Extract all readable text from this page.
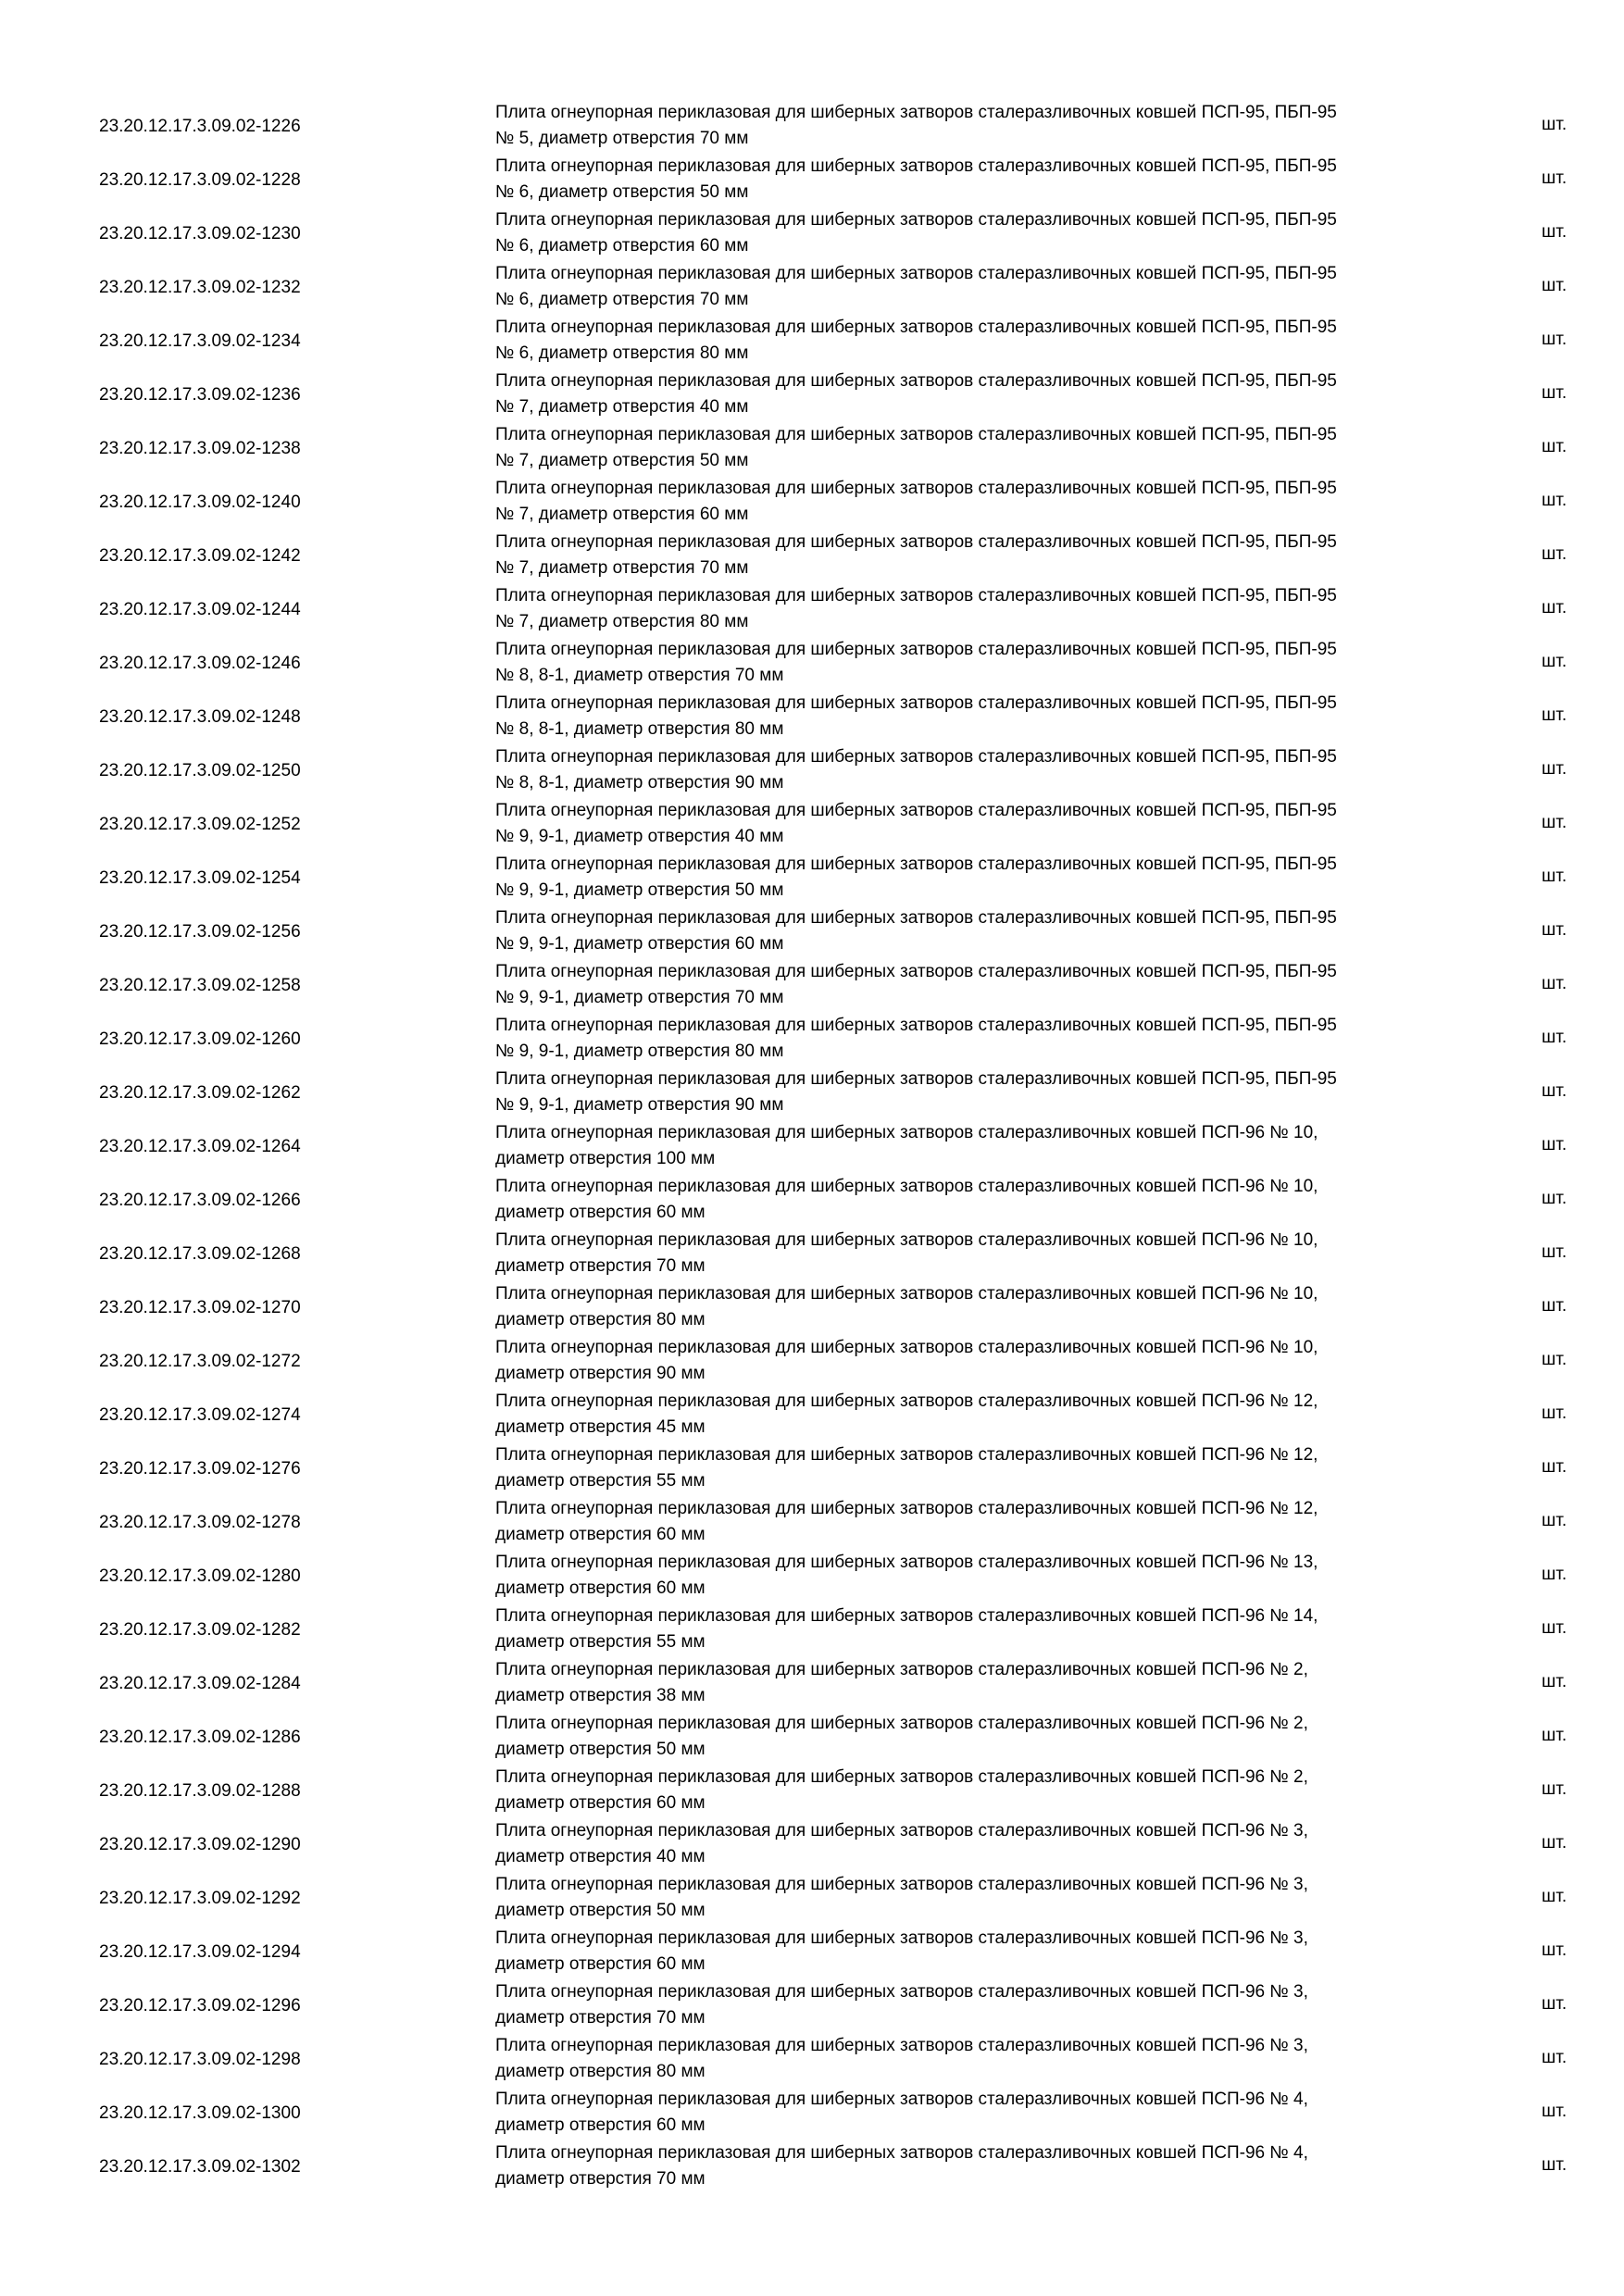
23.20.12.17.3.09.02-1226
Плита огнеупорная периклазовая для шиберных затворов сталеразливочных ковшей ПСП-95, ПБП-95
№ 5, диаметр отверстия 70 мм
шт.
23.20.12.17.3.09.02-1228
Плита огнеупорная периклазовая для шиберных затворов сталеразливочных ковшей ПСП-95, ПБП-95
№ 6, диаметр отверстия 50 мм
шт.
23.20.12.17.3.09.02-1230
Плита огнеупорная периклазовая для шиберных затворов сталеразливочных ковшей ПСП-95, ПБП-95
№ 6, диаметр отверстия 60 мм
шт.
23.20.12.17.3.09.02-1232
Плита огнеупорная периклазовая для шиберных затворов сталеразливочных ковшей ПСП-95, ПБП-95
№ 6, диаметр отверстия 70 мм
шт.
23.20.12.17.3.09.02-1234
Плита огнеупорная периклазовая для шиберных затворов сталеразливочных ковшей ПСП-95, ПБП-95
№ 6, диаметр отверстия 80 мм
шт.
23.20.12.17.3.09.02-1236
Плита огнеупорная периклазовая для шиберных затворов сталеразливочных ковшей ПСП-95, ПБП-95
№ 7, диаметр отверстия 40 мм
шт.
23.20.12.17.3.09.02-1238
Плита огнеупорная периклазовая для шиберных затворов сталеразливочных ковшей ПСП-95, ПБП-95
№ 7, диаметр отверстия 50 мм
шт.
23.20.12.17.3.09.02-1240
Плита огнеупорная периклазовая для шиберных затворов сталеразливочных ковшей ПСП-95, ПБП-95
№ 7, диаметр отверстия 60 мм
шт.
23.20.12.17.3.09.02-1242
Плита огнеупорная периклазовая для шиберных затворов сталеразливочных ковшей ПСП-95, ПБП-95
№ 7, диаметр отверстия 70 мм
шт.
23.20.12.17.3.09.02-1244
Плита огнеупорная периклазовая для шиберных затворов сталеразливочных ковшей ПСП-95, ПБП-95
№ 7, диаметр отверстия 80 мм
шт.
23.20.12.17.3.09.02-1246
Плита огнеупорная периклазовая для шиберных затворов сталеразливочных ковшей ПСП-95, ПБП-95
№ 8, 8-1, диаметр отверстия 70 мм
шт.
23.20.12.17.3.09.02-1248
Плита огнеупорная периклазовая для шиберных затворов сталеразливочных ковшей ПСП-95, ПБП-95
№ 8, 8-1, диаметр отверстия 80 мм
шт.
23.20.12.17.3.09.02-1250
Плита огнеупорная периклазовая для шиберных затворов сталеразливочных ковшей ПСП-95, ПБП-95
№ 8, 8-1, диаметр отверстия 90 мм
шт.
23.20.12.17.3.09.02-1252
Плита огнеупорная периклазовая для шиберных затворов сталеразливочных ковшей ПСП-95, ПБП-95
№ 9, 9-1, диаметр отверстия 40 мм
шт.
23.20.12.17.3.09.02-1254
Плита огнеупорная периклазовая для шиберных затворов сталеразливочных ковшей ПСП-95, ПБП-95
№ 9, 9-1, диаметр отверстия 50 мм
шт.
23.20.12.17.3.09.02-1256
Плита огнеупорная периклазовая для шиберных затворов сталеразливочных ковшей ПСП-95, ПБП-95
№ 9, 9-1, диаметр отверстия 60 мм
шт.
23.20.12.17.3.09.02-1258
Плита огнеупорная периклазовая для шиберных затворов сталеразливочных ковшей ПСП-95, ПБП-95
№ 9, 9-1, диаметр отверстия 70 мм
шт.
23.20.12.17.3.09.02-1260
Плита огнеупорная периклазовая для шиберных затворов сталеразливочных ковшей ПСП-95, ПБП-95
№ 9, 9-1, диаметр отверстия 80 мм
шт.
23.20.12.17.3.09.02-1262
Плита огнеупорная периклазовая для шиберных затворов сталеразливочных ковшей ПСП-95, ПБП-95
№ 9, 9-1, диаметр отверстия 90 мм
шт.
23.20.12.17.3.09.02-1264
Плита огнеупорная периклазовая для шиберных затворов сталеразливочных ковшей ПСП-96 № 10,
диаметр отверстия 100 мм
шт.
23.20.12.17.3.09.02-1266
Плита огнеупорная периклазовая для шиберных затворов сталеразливочных ковшей ПСП-96 № 10,
диаметр отверстия 60 мм
шт.
23.20.12.17.3.09.02-1268
Плита огнеупорная периклазовая для шиберных затворов сталеразливочных ковшей ПСП-96 № 10,
диаметр отверстия 70 мм
шт.
23.20.12.17.3.09.02-1270
Плита огнеупорная периклазовая для шиберных затворов сталеразливочных ковшей ПСП-96 № 10,
диаметр отверстия 80 мм
шт.
23.20.12.17.3.09.02-1272
Плита огнеупорная периклазовая для шиберных затворов сталеразливочных ковшей ПСП-96 № 10,
диаметр отверстия 90 мм
шт.
23.20.12.17.3.09.02-1274
Плита огнеупорная периклазовая для шиберных затворов сталеразливочных ковшей ПСП-96 № 12,
диаметр отверстия 45 мм
шт.
23.20.12.17.3.09.02-1276
Плита огнеупорная периклазовая для шиберных затворов сталеразливочных ковшей ПСП-96 № 12,
диаметр отверстия 55 мм
шт.
23.20.12.17.3.09.02-1278
Плита огнеупорная периклазовая для шиберных затворов сталеразливочных ковшей ПСП-96 № 12,
диаметр отверстия 60 мм
шт.
23.20.12.17.3.09.02-1280
Плита огнеупорная периклазовая для шиберных затворов сталеразливочных ковшей ПСП-96 № 13,
диаметр отверстия 60 мм
шт.
23.20.12.17.3.09.02-1282
Плита огнеупорная периклазовая для шиберных затворов сталеразливочных ковшей ПСП-96 № 14,
диаметр отверстия 55 мм
шт.
23.20.12.17.3.09.02-1284
Плита огнеупорная периклазовая для шиберных затворов сталеразливочных ковшей ПСП-96 № 2,
диаметр отверстия 38 мм
шт.
23.20.12.17.3.09.02-1286
Плита огнеупорная периклазовая для шиберных затворов сталеразливочных ковшей ПСП-96 № 2,
диаметр отверстия 50 мм
шт.
23.20.12.17.3.09.02-1288
Плита огнеупорная периклазовая для шиберных затворов сталеразливочных ковшей ПСП-96 № 2,
диаметр отверстия 60 мм
шт.
23.20.12.17.3.09.02-1290
Плита огнеупорная периклазовая для шиберных затворов сталеразливочных ковшей ПСП-96 № 3,
диаметр отверстия 40 мм
шт.
23.20.12.17.3.09.02-1292
Плита огнеупорная периклазовая для шиберных затворов сталеразливочных ковшей ПСП-96 № 3,
диаметр отверстия 50 мм
шт.
23.20.12.17.3.09.02-1294
Плита огнеупорная периклазовая для шиберных затворов сталеразливочных ковшей ПСП-96 № 3,
диаметр отверстия 60 мм
шт.
23.20.12.17.3.09.02-1296
Плита огнеупорная периклазовая для шиберных затворов сталеразливочных ковшей ПСП-96 № 3,
диаметр отверстия 70 мм
шт.
23.20.12.17.3.09.02-1298
Плита огнеупорная периклазовая для шиберных затворов сталеразливочных ковшей ПСП-96 № 3,
диаметр отверстия 80 мм
шт.
23.20.12.17.3.09.02-1300
Плита огнеупорная периклазовая для шиберных затворов сталеразливочных ковшей ПСП-96 № 4,
диаметр отверстия 60 мм
шт.
23.20.12.17.3.09.02-1302
Плита огнеупорная периклазовая для шиберных затворов сталеразливочных ковшей ПСП-96 № 4,
диаметр отверстия 70 мм
шт.
